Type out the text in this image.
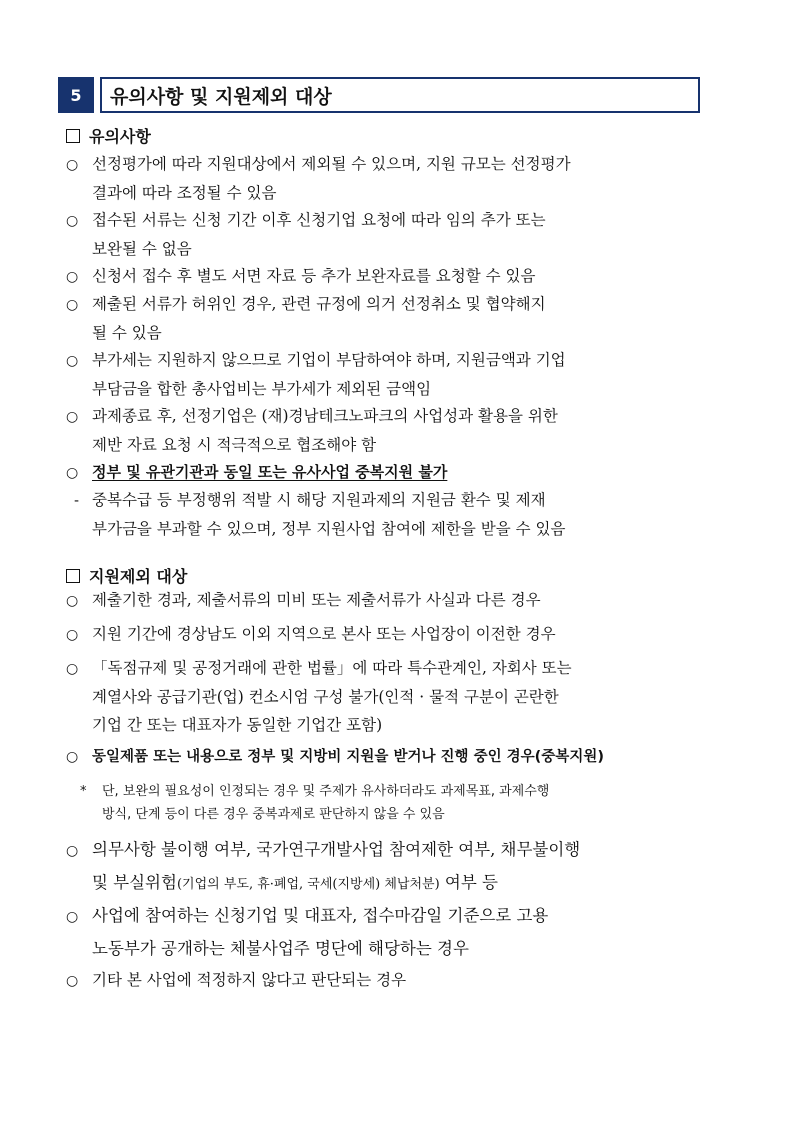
5	유의사항 및 지원제외 대상
유의사항
○ 선정평가에 따라 지원대상에서 제외될 수 있으며, 지원 규모는 선정평가
결과에 따라 조정될 수 있음
○ 접수된 서류는 신청 기간 이후 신청기업 요청에 따라 임의 추가 또는
보완될 수 없음
○ 신청서 접수 후 별도 서면 자료 등 추가 보완자료를 요청할 수 있음
○ 제출된 서류가 허위인 경우, 관련 규정에 의거 선정취소 및 협약해지
될 수 있음
○ 부가세는 지원하지 않으므로 기업이 부담하여야 하며, 지원금액과 기업
부담금을 합한 총사업비는 부가세가 제외된 금액임
○ 과제종료 후, 선정기업은 (재)경남테크노파크의 사업성과 활용을 위한
제반 자료 요청 시 적극적으로 협조해야 함
○ 정부 및 유관기관과 동일 또는 유사사업 중복지원 불가
- 중복수급 등 부정행위 적발 시 해당 지원과제의 지원금 환수 및 제재
부가금을 부과할 수 있으며, 정부 지원사업 참여에 제한을 받을 수 있음
지원제외 대상
○ 제출기한 경과, 제출서류의 미비 또는 제출서류가 사실과 다른 경우
○ 지원 기간에 경상남도 이외 지역으로 본사 또는 사업장이 이전한 경우
○ 「독점규제 및 공정거래에 관한 법률」에 따라 특수관계인, 자회사 또는
계열사와 공급기관(업) 컨소시엄 구성 불가(인적 · 물적 구분이 곤란한
기업 간 또는 대표자가 동일한 기업간 포함)
○ 동일제품 또는 내용으로 정부 및 지방비 지원을 받거나 진행 중인 경우(중복지원)
* 단, 보완의 필요성이 인정되는 경우 및 주제가 유사하더라도 과제목표, 과제수행
방식, 단계 등이 다른 경우 중복과제로 판단하지 않을 수 있음
○ 의무사항 불이행 여부, 국가연구개발사업 참여제한 여부, 채무불이행
및 부실위험(기업의 부도, 휴·폐업, 국세(지방세) 체납처분) 여부 등
○ 사업에 참여하는 신청기업 및 대표자, 접수마감일 기준으로 고용
노동부가 공개하는 체불사업주 명단에 해당하는 경우
○ 기타 본 사업에 적정하지 않다고 판단되는 경우
